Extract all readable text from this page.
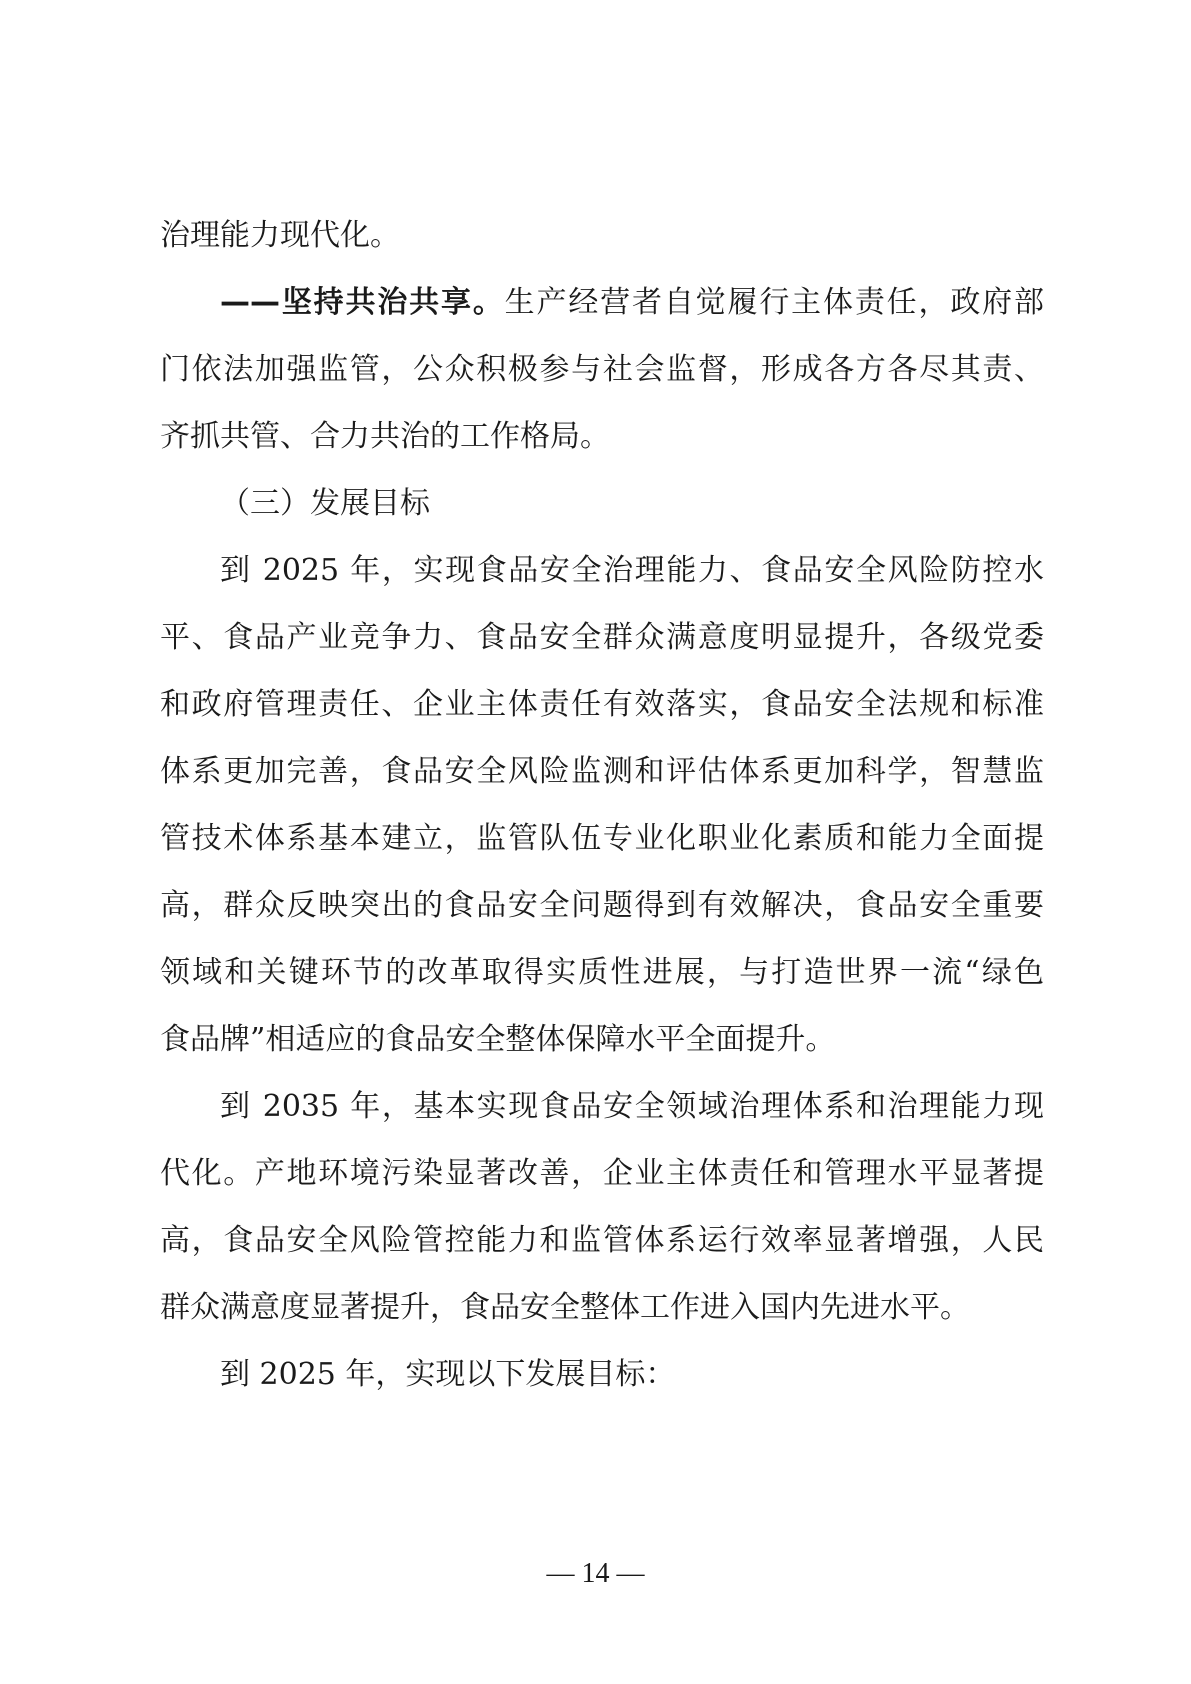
治理能力现代化。
——坚持共治共享。生产经营者自觉履行主体责任，政府部
门依法加强监管，公众积极参与社会监督，形成各方各尽其责、
齐抓共管、合力共治的工作格局。
（三）发展目标
到 2025 年，实现食品安全治理能力、食品安全风险防控水
平、食品产业竞争力、食品安全群众满意度明显提升，各级党委
和政府管理责任、企业主体责任有效落实，食品安全法规和标准
体系更加完善，食品安全风险监测和评估体系更加科学，智慧监
管技术体系基本建立，监管队伍专业化职业化素质和能力全面提
高，群众反映突出的食品安全问题得到有效解决，食品安全重要
领域和关键环节的改革取得实质性进展，与打造世界一流“绿色
食品牌”相适应的食品安全整体保障水平全面提升。
到 2035 年，基本实现食品安全领域治理体系和治理能力现
代化。产地环境污染显著改善，企业主体责任和管理水平显著提
高，食品安全风险管控能力和监管体系运行效率显著增强，人民
群众满意度显著提升，食品安全整体工作进入国内先进水平。
到 2025 年，实现以下发展目标：
— 14 —
